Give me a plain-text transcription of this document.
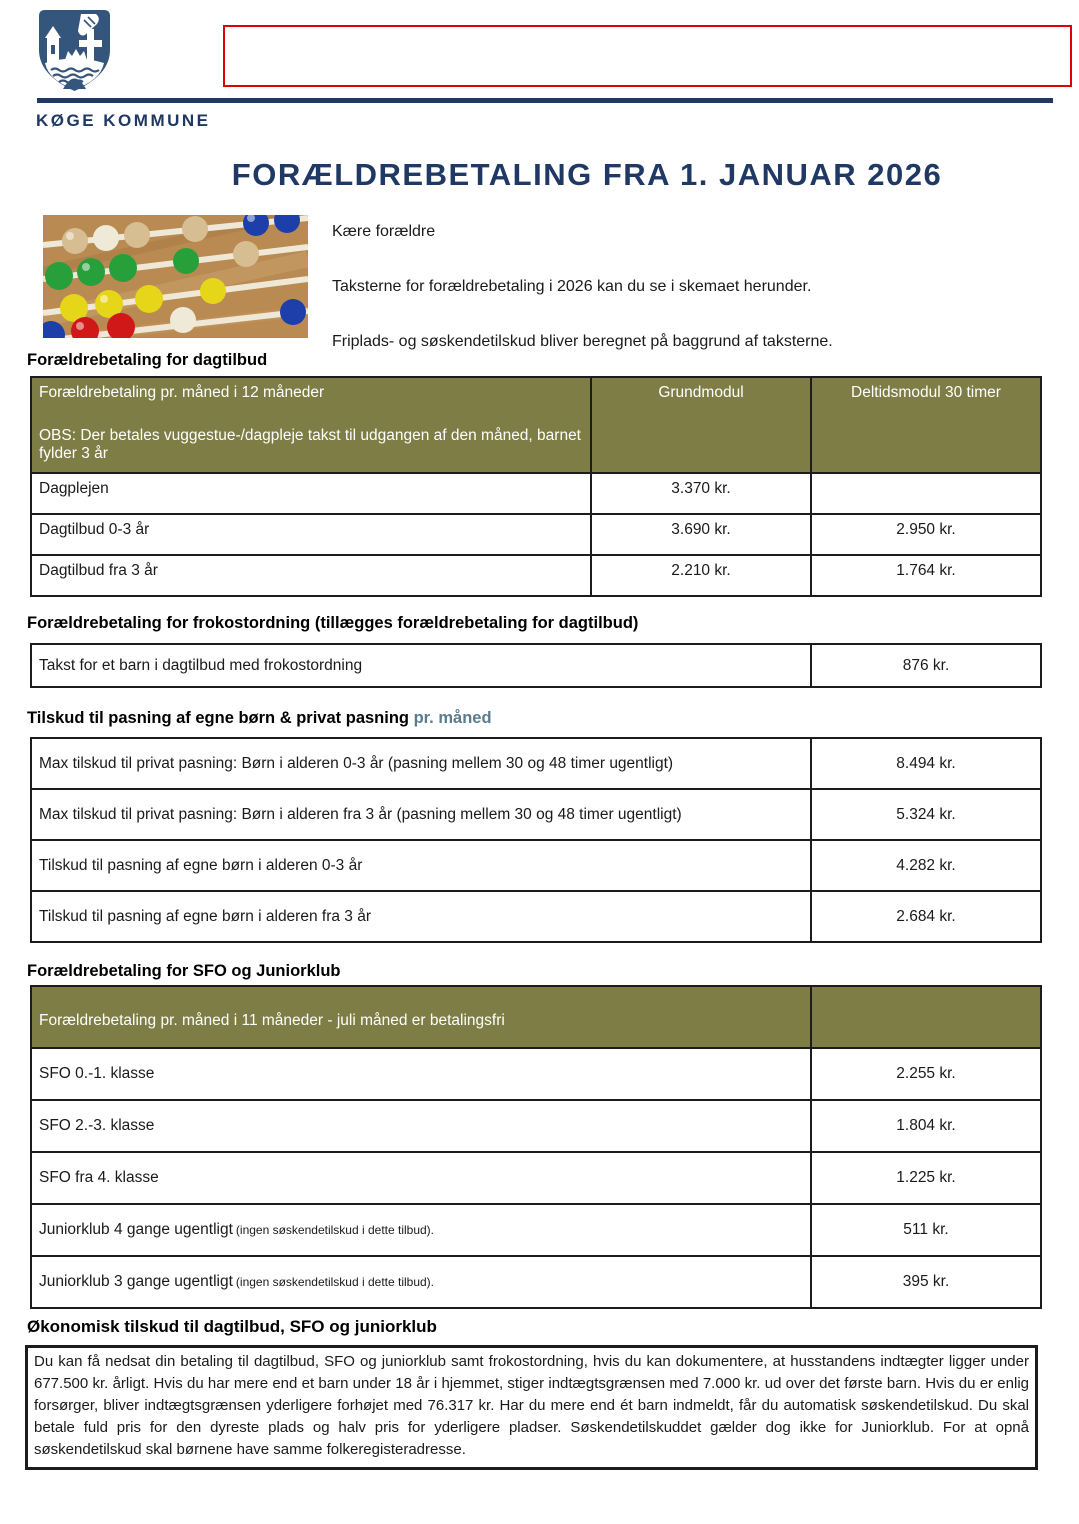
KØGE KOMMUNE
FORÆLDREBETALING FRA 1. JANUAR 2026

Kære forældre

Taksterne for forældrebetaling i 2026 kan du se i skemaet herunder.

Friplads- og søskendetilskud bliver beregnet på baggrund af taksterne.

Forældrebetaling for dagtilbud
Forældrebetaling pr. måned i 12 måneder
OBS: Der betales vuggestue-/dagpleje takst til udgangen af den måned, barnet fylder 3 år	Grundmodul	Deltidsmodul 30 timer
Dagplejen	3.370 kr.	
Dagtilbud 0-3 år	3.690 kr.	2.950 kr.
Dagtilbud fra 3 år	2.210 kr.	1.764 kr.
Forældrebetaling for frokostordning (tillægges forældrebetaling for dagtilbud)
Takst for et barn i dagtilbud med frokostordning	876 kr.
Tilskud til pasning af egne børn & privat pasning pr. måned
Max tilskud til privat pasning: Børn i alderen 0-3 år (pasning mellem 30 og 48 timer ugentligt)	8.494 kr.
Max tilskud til privat pasning: Børn i alderen fra 3 år (pasning mellem 30 og 48 timer ugentligt)	5.324 kr.
Tilskud til pasning af egne børn i alderen 0-3 år	4.282 kr.
Tilskud til pasning af egne børn i alderen fra 3 år	2.684 kr.
Forældrebetaling for SFO og Juniorklub
Forældrebetaling pr. måned i 11 måneder - juli måned er betalingsfri	
SFO 0.-1. klasse	2.255 kr.
SFO 2.-3. klasse	1.804 kr.
SFO fra 4. klasse	1.225 kr.
Juniorklub 4 gange ugentligt (ingen søskendetilskud i dette tilbud).	511 kr.
Juniorklub 3 gange ugentligt (ingen søskendetilskud i dette tilbud).	395 kr.
Økonomisk tilskud til dagtilbud, SFO og juniorklub
Du kan få nedsat din betaling til dagtilbud, SFO og juniorklub samt frokostordning, hvis du kan dokumentere, at husstandens indtægter ligger under 677.500 kr. årligt. Hvis du har mere end et barn under 18 år i hjemmet, stiger indtægtsgrænsen med 7.000 kr. ud over det første barn. Hvis du er enlig forsørger, bliver indtægtsgrænsen yderligere forhøjet med 76.317 kr. Har du mere end ét barn indmeldt, får du automatisk søskendetilskud. Du skal betale fuld pris for den dyreste plads og halv pris for yderligere pladser. Søskendetilskuddet gælder dog ikke for Juniorklub. For at opnå søskendetilskud skal børnene have samme folkeregisteradresse.
